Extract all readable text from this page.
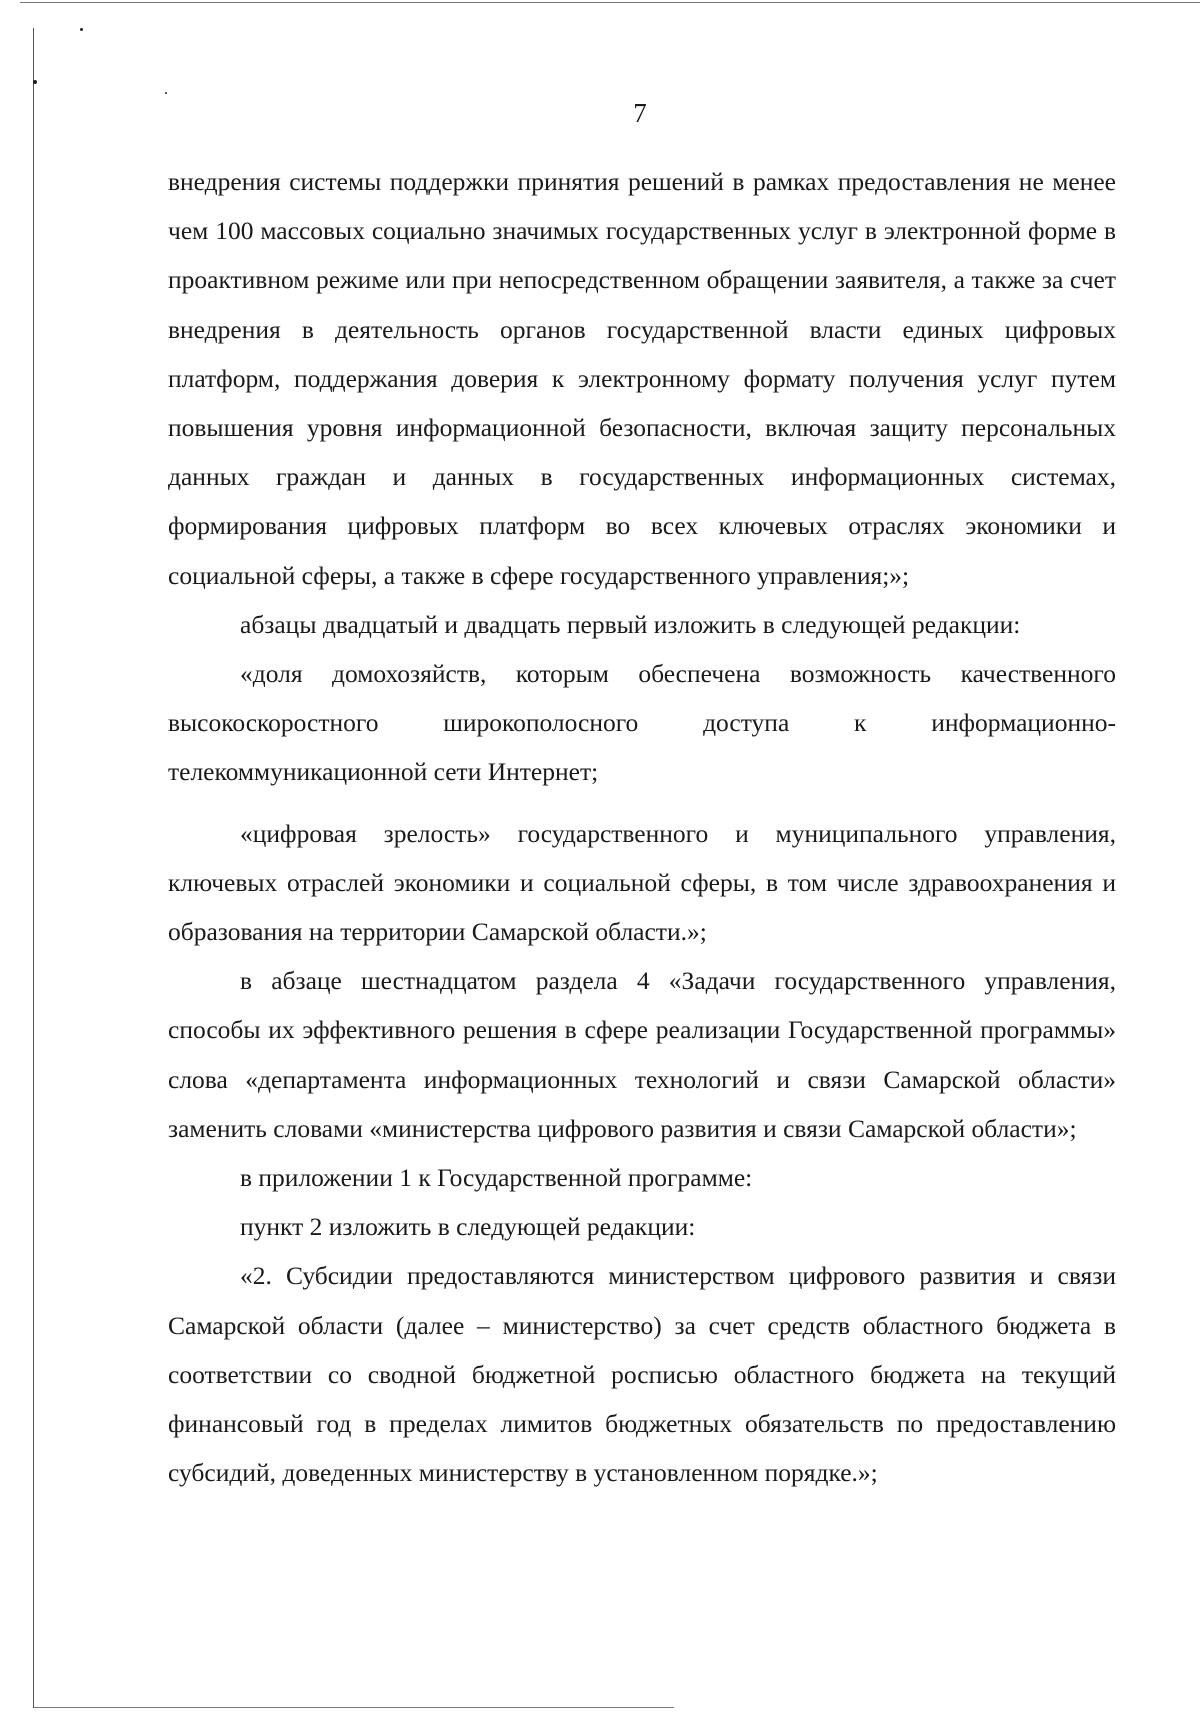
7

внедрения системы поддержки принятия решений в рамках предоставления не менее чем 100 массовых социально значимых государственных услуг в электронной форме в проактивном режиме или при непосредственном обращении заявителя, а также за счет внедрения в деятельность органов государственной власти единых цифровых платформ, поддержания доверия к электронному формату получения услуг путем повышения уровня информационной безопасности, включая защиту персональных данных граждан и данных в государственных информационных системах, формирования цифровых платформ во всех ключевых отраслях экономики и социальной сферы, а также в сфере государственного управления;»;

абзацы двадцатый и двадцать первый изложить в следующей редакции:

«доля домохозяйств, которым обеспечена возможность качественного высокоскоростного широкополосного доступа к информационно-телекоммуникационной сети Интернет;

«цифровая зрелость» государственного и муниципального управления, ключевых отраслей экономики и социальной сферы, в том числе здравоохранения и образования на территории Самарской области.»;

в абзаце шестнадцатом раздела 4 «Задачи государственного управления, способы их эффективного решения в сфере реализации Государственной программы» слова «департамента информационных технологий и связи Самарской области» заменить словами «министерства цифрового развития и связи Самарской области»;

в приложении 1 к Государственной программе:

пункт 2 изложить в следующей редакции:

«2. Субсидии предоставляются министерством цифрового развития и связи Самарской области (далее – министерство) за счет средств областного бюджета в соответствии со сводной бюджетной росписью областного бюджета на текущий финансовый год в пределах лимитов бюджетных обязательств по предоставлению субсидий, доведенных министерству в установленном порядке.»;
